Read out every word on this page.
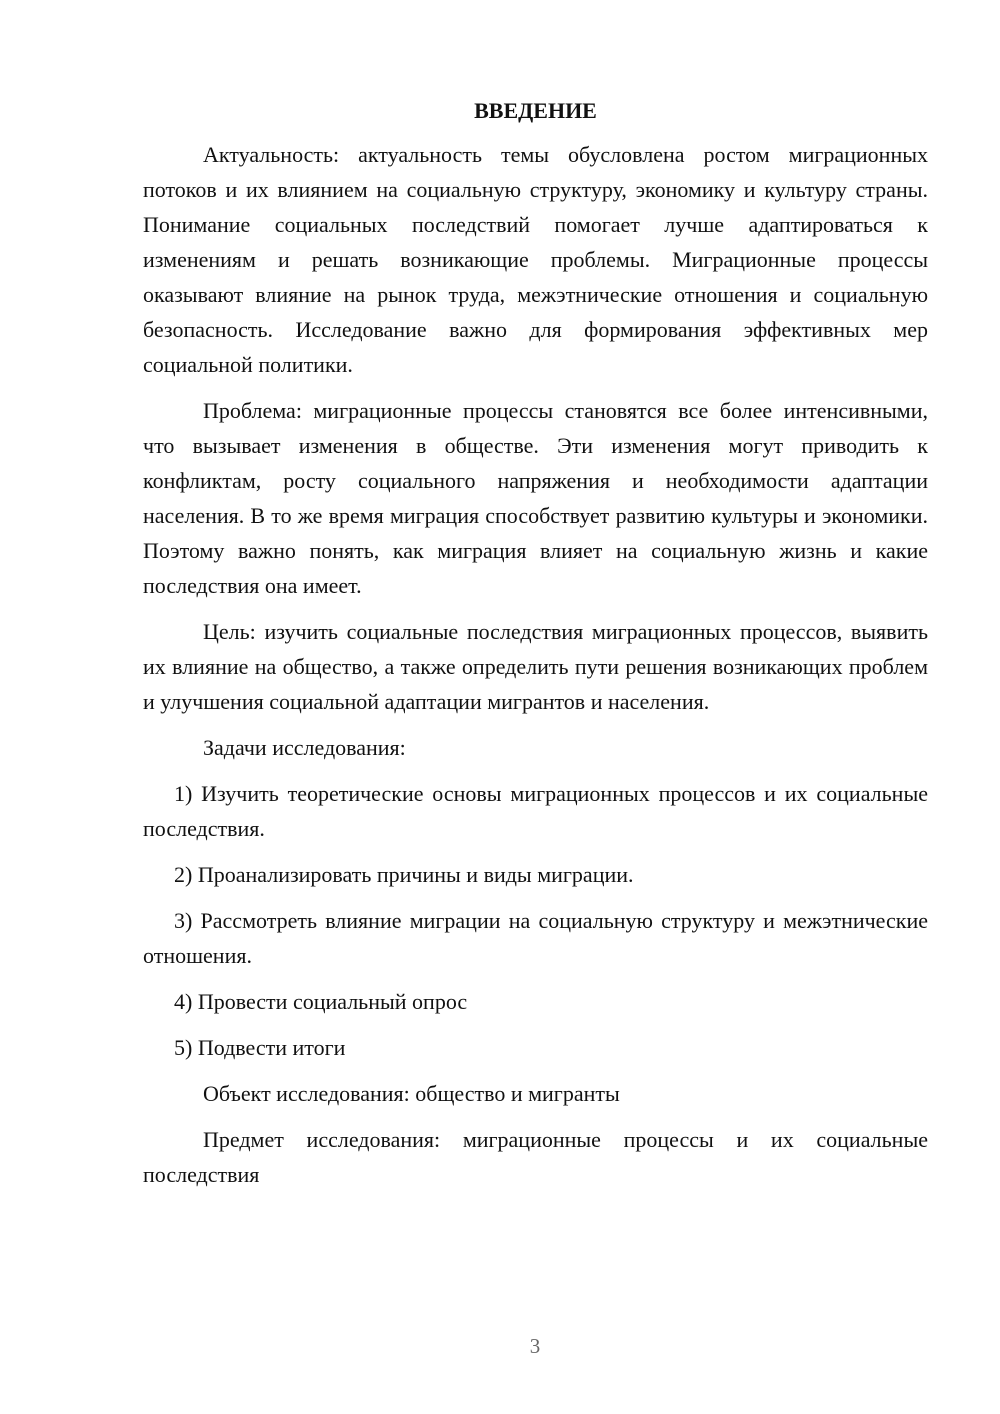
ВВЕДЕНИЕ

Актуальность: актуальность темы обусловлена ростом миграционных потоков и их влиянием на социальную структуру, экономику и культуру страны. Понимание социальных последствий помогает лучше адаптироваться к изменениям и решать возникающие проблемы. Миграционные процессы оказывают влияние на рынок труда, межэтнические отношения и социальную безопасность. Исследование важно для формирования эффективных мер социальной политики.

Проблема: миграционные процессы становятся все более интенсивными, что вызывает изменения в обществе. Эти изменения могут приводить к конфликтам, росту социального напряжения и необходимости адаптации населения. В то же время миграция способствует развитию культуры и экономики. Поэтому важно понять, как миграция влияет на социальную жизнь и какие последствия она имеет.

Цель: изучить социальные последствия миграционных процессов, выявить их влияние на общество, а также определить пути решения возникающих проблем и улучшения социальной адаптации мигрантов и населения.

Задачи исследования:

1) Изучить теоретические основы миграционных процессов и их социальные последствия.

2) Проанализировать причины и виды миграции.

3) Рассмотреть влияние миграции на социальную структуру и межэтнические отношения.

4) Провести социальный опрос

5) Подвести итоги

Объект исследования: общество и мигранты

Предмет исследования: миграционные процессы и их социальные последствия

3
